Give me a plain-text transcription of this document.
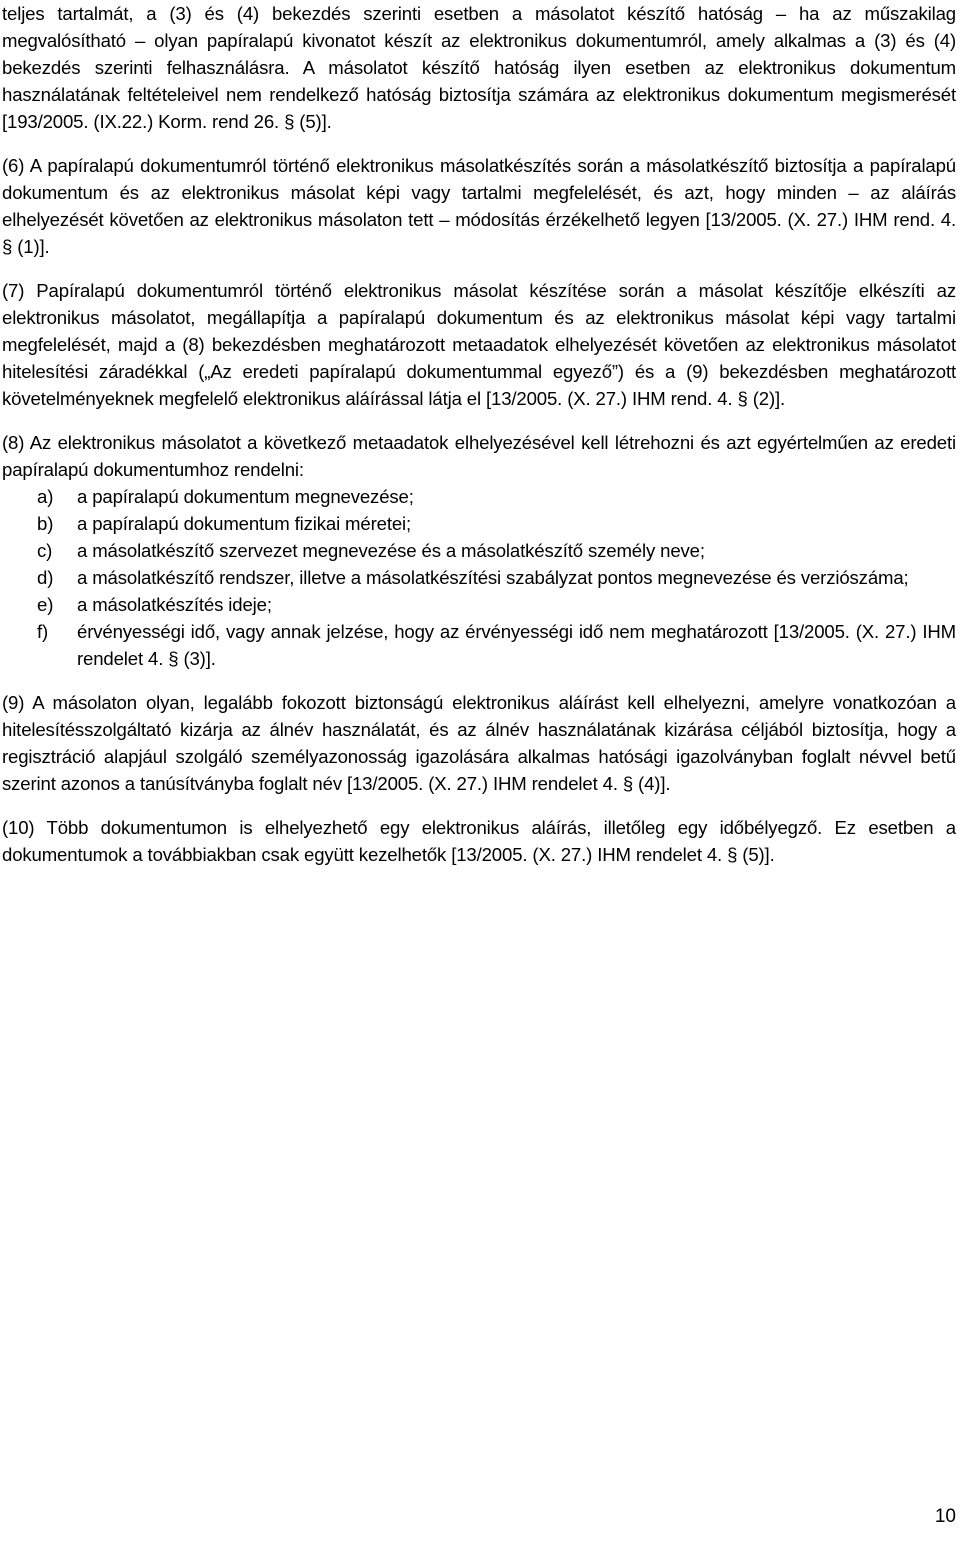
teljes tartalmát, a (3) és (4) bekezdés szerinti esetben a másolatot készítő hatóság – ha az műszakilag megvalósítható – olyan papíralapú kivonatot készít az elektronikus dokumentumról, amely alkalmas a (3) és (4) bekezdés szerinti felhasználásra. A másolatot készítő hatóság ilyen esetben az elektronikus dokumentum használatának feltételeivel nem rendelkező hatóság biztosítja számára az elektronikus dokumentum megismerését [193/2005. (IX.22.) Korm. rend 26. § (5)].

(6) A papíralapú dokumentumról történő elektronikus másolatkészítés során a másolatkészítő biztosítja a papíralapú dokumentum és az elektronikus másolat képi vagy tartalmi megfelelését, és azt, hogy minden – az aláírás elhelyezését követően az elektronikus másolaton tett – módosítás érzékelhető legyen [13/2005. (X. 27.) IHM rend. 4. § (1)].

(7) Papíralapú dokumentumról történő elektronikus másolat készítése során a másolat készítője elkészíti az elektronikus másolatot, megállapítja a papíralapú dokumentum és az elektronikus másolat képi vagy tartalmi megfelelését, majd a (8) bekezdésben meghatározott metaadatok elhelyezését követően az elektronikus másolatot hitelesítési záradékkal („Az eredeti papíralapú dokumentummal egyező”) és a (9) bekezdésben meghatározott követelményeknek megfelelő elektronikus aláírással látja el [13/2005. (X. 27.) IHM rend. 4. § (2)].

(8) Az elektronikus másolatot a következő metaadatok elhelyezésével kell létrehozni és azt egyértelműen az eredeti papíralapú dokumentumhoz rendelni:

a)	a papíralapú dokumentum megnevezése;
b)	a papíralapú dokumentum fizikai méretei;
c)	a másolatkészítő szervezet megnevezése és a másolatkészítő személy neve;
d)	a másolatkészítő rendszer, illetve a másolatkészítési szabályzat pontos megnevezése és verziószáma;
e)	a másolatkészítés ideje;
f)	érvényességi idő, vagy annak jelzése, hogy az érvényességi idő nem meghatározott [13/2005. (X. 27.) IHM rendelet 4. § (3)].

(9) A másolaton olyan, legalább fokozott biztonságú elektronikus aláírást kell elhelyezni, amelyre vonatkozóan a hitelesítésszolgáltató kizárja az álnév használatát, és az álnév használatának kizárása céljából biztosítja, hogy a regisztráció alapjául szolgáló személyazonosság igazolására alkalmas hatósági igazolványban foglalt névvel betű szerint azonos a tanúsítványba foglalt név [13/2005. (X. 27.) IHM rendelet 4. § (4)].

(10) Több dokumentumon is elhelyezhető egy elektronikus aláírás, illetőleg egy időbélyegző. Ez esetben a dokumentumok a továbbiakban csak együtt kezelhetők [13/2005. (X. 27.) IHM rendelet 4. § (5)].

10
